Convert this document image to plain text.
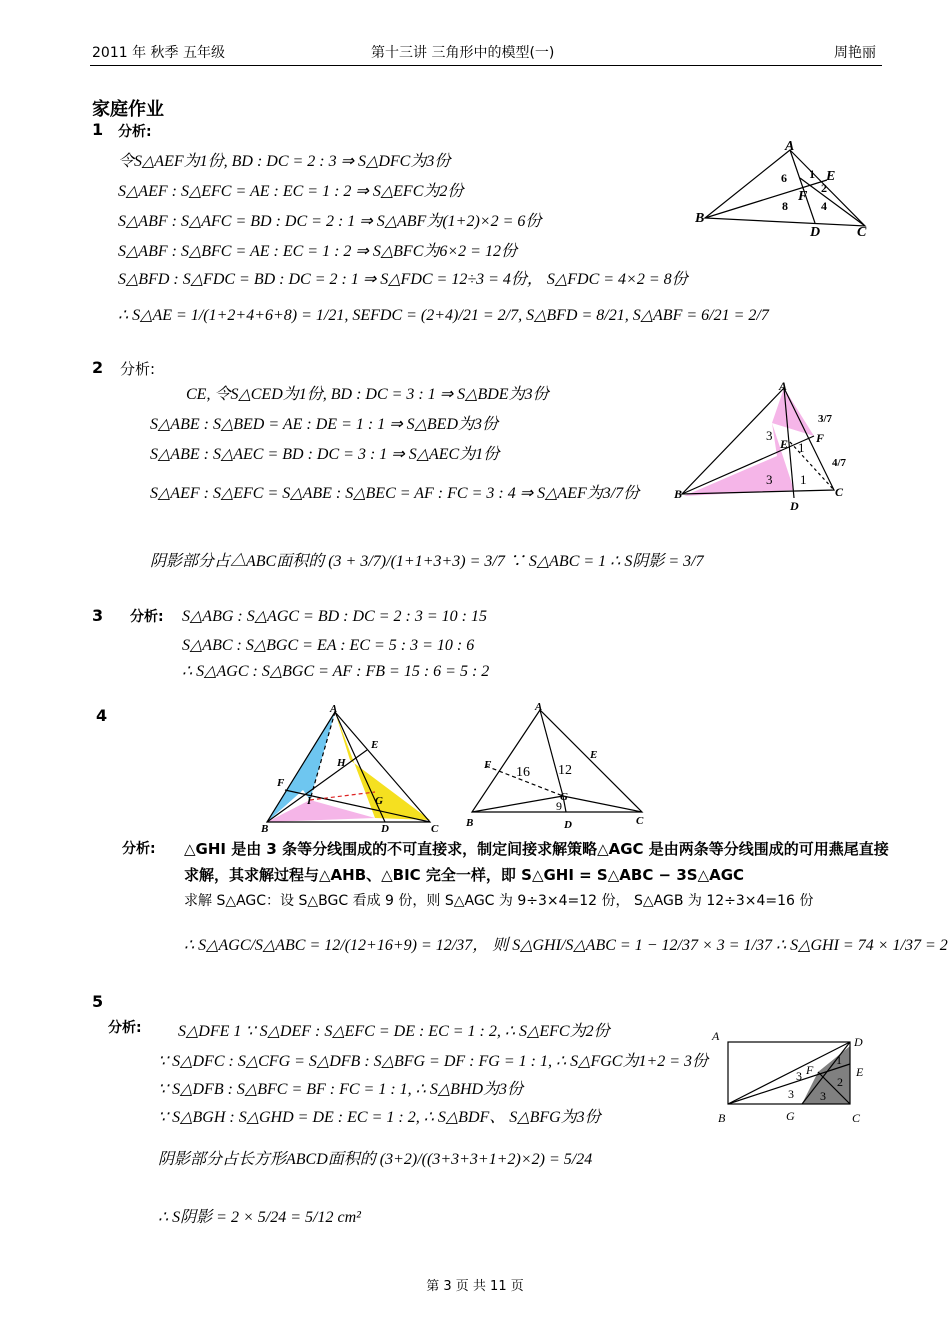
2011 年 秋季 五年级	第十三讲 三角形中的模型(一)	周艳丽
家庭作业
1 分析:
令S△AEF为1份, BD : DC = 2 : 3 ⇒ S△DFC为3份
S△AEF : S△EFC = AE : EC = 1 : 2 ⇒ S△EFC为2份
S△ABF : S△AFC = BD : DC = 2 : 1 ⇒ S△ABF为(1+2)×2 = 6份
S△ABF : S△BFC = AE : EC = 1 : 2 ⇒ S△BFC为6×2 = 12份
S△BFD : S△FDC = BD : DC = 2 : 1 ⇒ S△FDC = 12÷3 = 4份， S△FDC = 4×2 = 8份
∴ S△AE = 1/(1+2+4+6+8) = 1/21, SEFDC = (2+4)/21 = 2/7, S△BFD = 8/21, S△ABF = 6/21 = 2/7
A
B
C
D
E
F
6 1
2
8	4
2 分析:
CE, 令S△CED为1份, BD : DC = 3 : 1 ⇒ S△BDE为3份
S△ABE : S△BED = AE : DE = 1 : 1 ⇒ S△BED为3份
S△ABE : S△AEC = BD : DC = 3 : 1 ⇒ S△AEC为1份
S△AEF : S△EFC = S△ABE : S△BEC = AF : FC = 3 : 4 ⇒ S△AEF为3/7份
阴影部分占△ABC面积的 (3 + 3/7)/(1+1+3+3) = 3/7 ∵ S△ABC = 1 ∴ S阴影 = 3/7
A
B	C
D
E F
3
1
3 1
3/7
4/7
3 分析: S△ABG : S△AGC = BD : DC = 2 : 3 = 10 : 15
S△ABC : S△BGC = EA : EC = 5 : 3 = 10 : 6
∴ S△AGC : S△BGC = AF : FB = 15 : 6 = 5 : 2
4	A
B	C
D
E
F
G
H
I
A
B	C
D
E
F
G
16 12
9
分析: △GHI 是由 3 条等分线围成的不可直接求，制定间接求解策略△AGC 是由两条等分线围成的可用燕尾直接求解，其求解过程与△AHB、△BIC 完全一样，即 S△GHI = S△ABC − 3S△AGC
求解 S△AGC：设 S△BGC 看成 9 份，则 S△AGC 为 9÷3×4=12 份， S△AGB 为 12÷3×4=16 份
∴ S△AGC/S△ABC = 12/(12+16+9) = 12/37， 则 S△GHI/S△ABC = 1 − 12/37 × 3 = 1/37 ∴ S△GHI = 74 × 1/37 = 2
5
分析: S△DFE 1 ∵ S△DEF : S△EFC = DE : EC = 1 : 2, ∴ S△EFC为2份
∵ S△DFC : S△CFG = S△DFB : S△BFG = DF : FG = 1 : 1, ∴ S△FGC为1+2 = 3份
∵ S△DFB : S△BFC = BF : FC = 1 : 1, ∴ S△BHD为3份
∵ S△BGH : S△GHD = DE : EC = 1 : 2, ∴ S△BDF、 S△BFG为3份
阴影部分占长方形ABCD面积的 (3+2)/((3+3+3+1+2)×2) = 5/24
∴ S阴影 = 2 × 5/24 = 5/12 cm²
A
B	C
D
E
F
G
1
2
3
3
3
第 3 页 共 11 页
